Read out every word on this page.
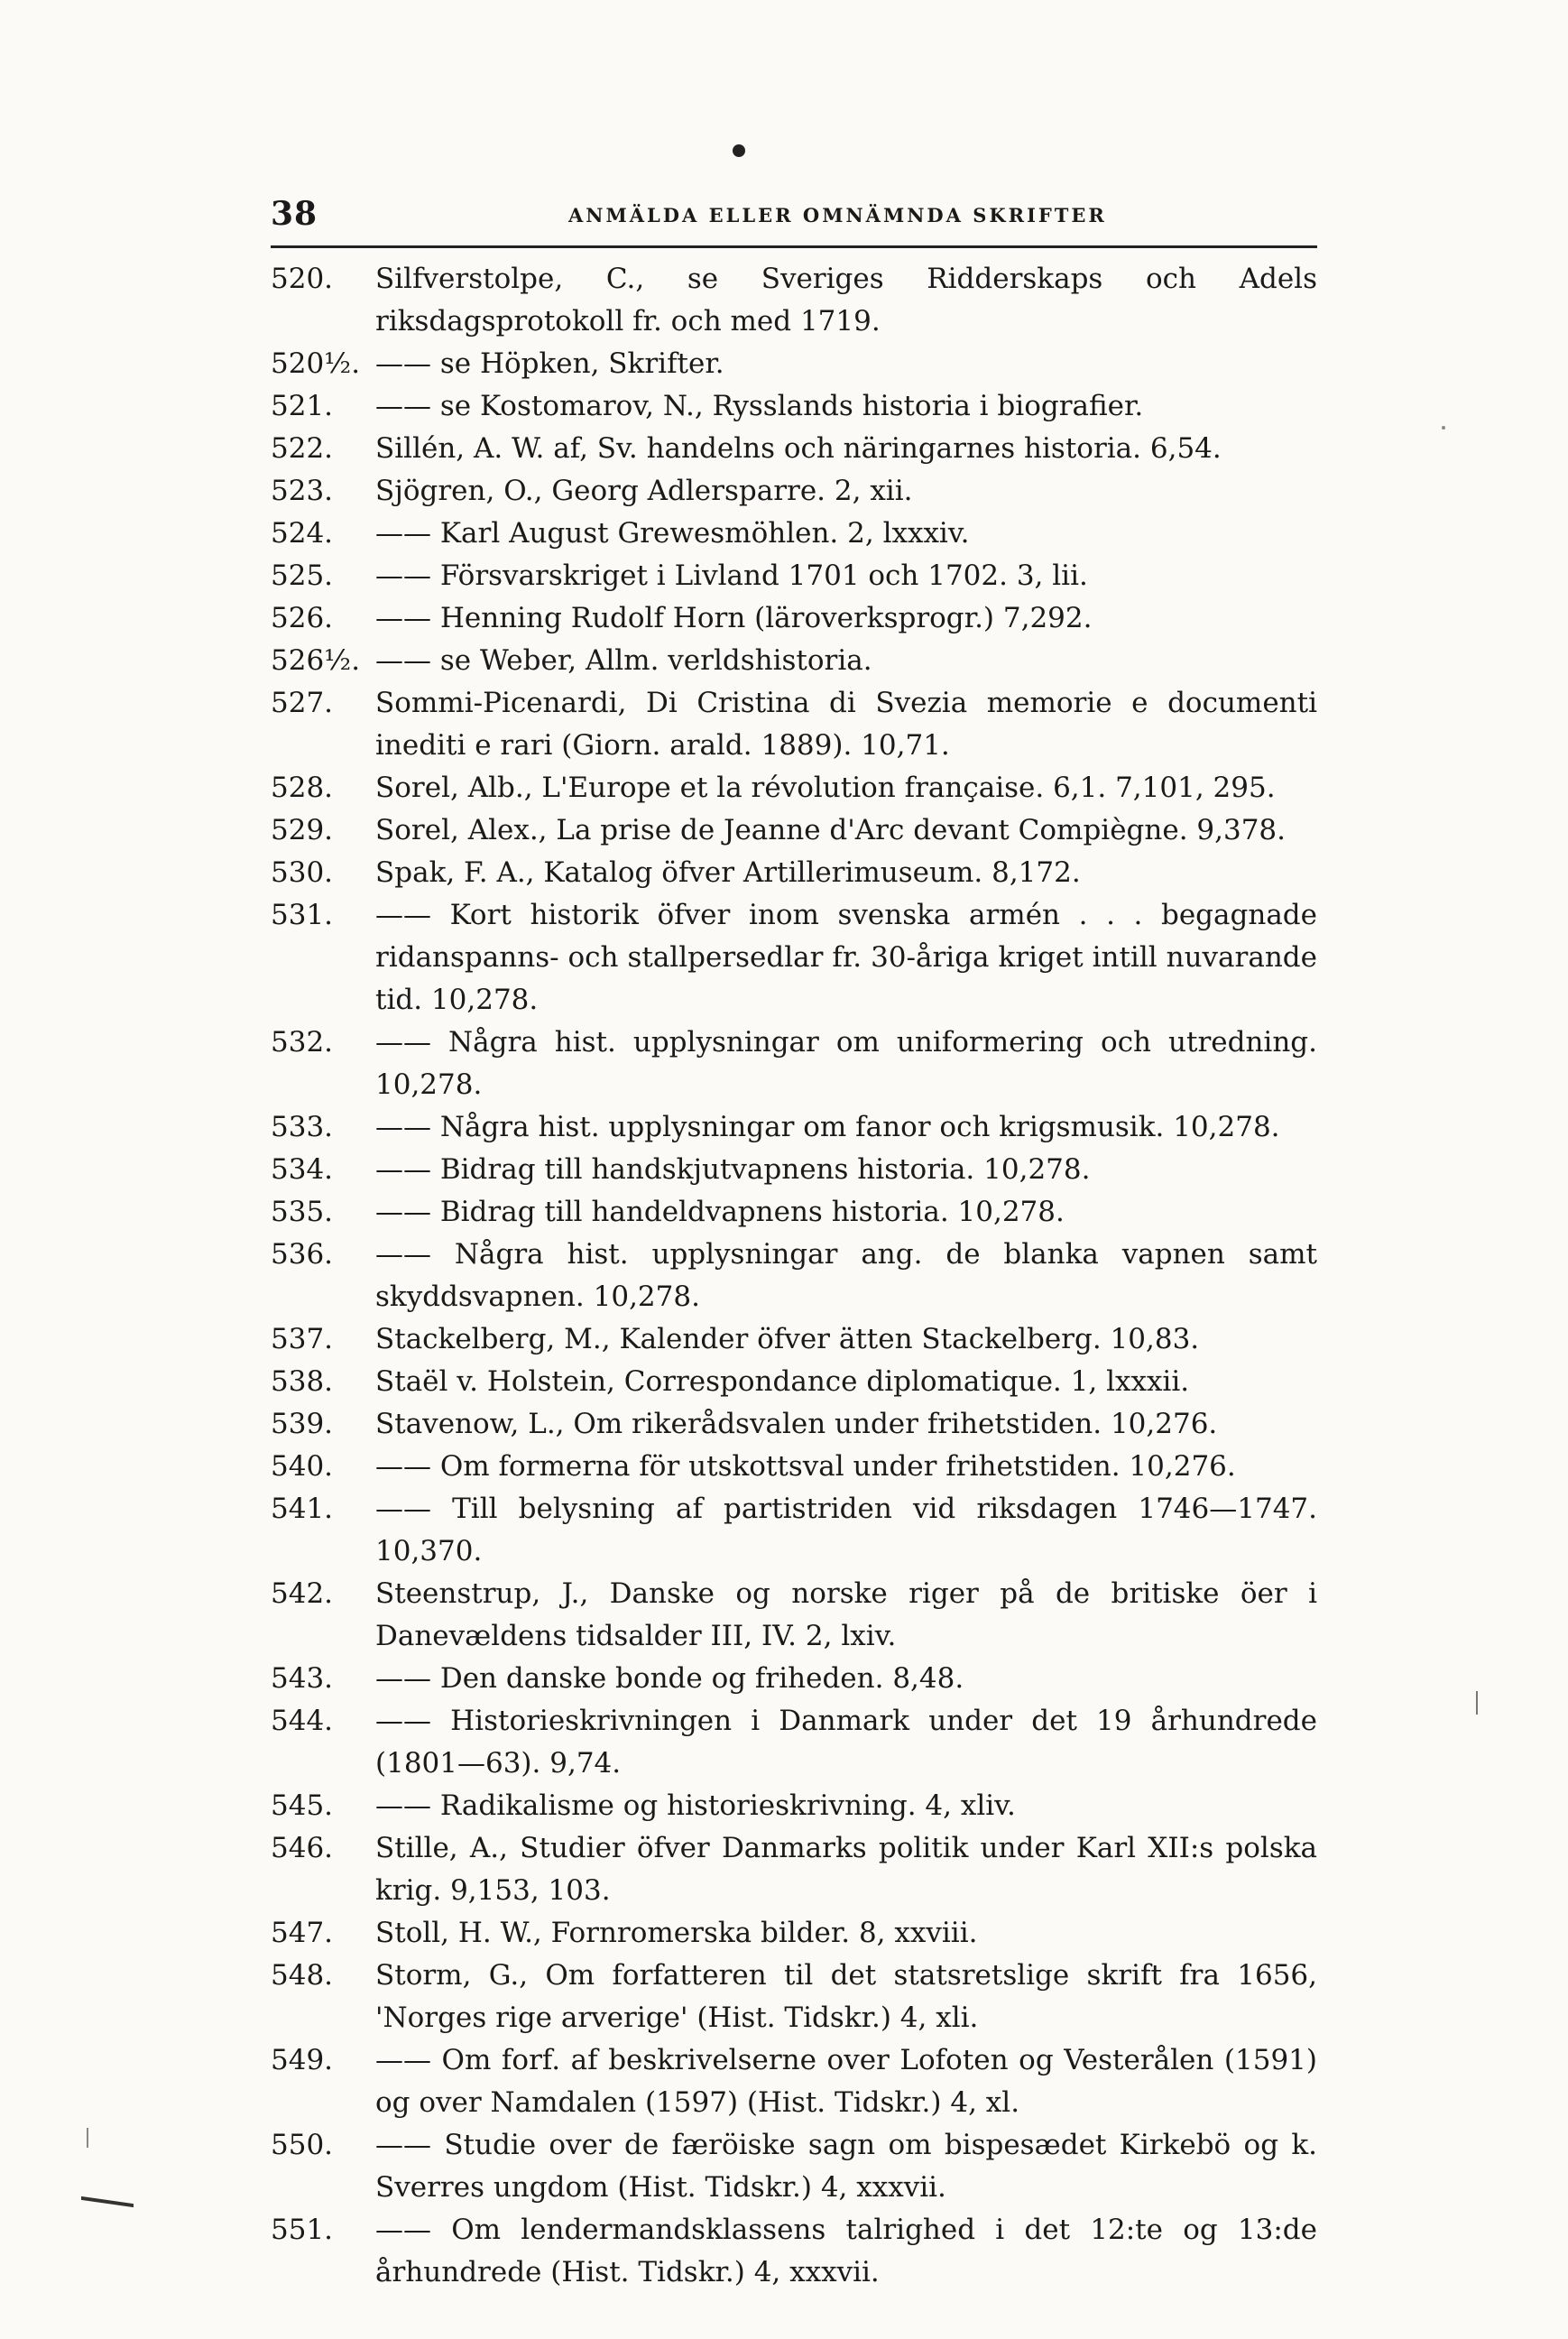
38	ANMÄLDA ELLER OMNÄMNDA SKRIFTER
520.	Silfverstolpe, C., se Sveriges Ridderskaps och Adels riksdagsprotokoll fr. och med 1719.
520½. —— se Höpken, Skrifter.
521.	—— se Kostomarov, N., Rysslands historia i biografier.
522.	Sillén, A. W. af, Sv. handelns och näringarnes historia. 6,54.
523.	Sjögren, O., Georg Adlersparre. 2, xii.
524.	—— Karl August Grewesmöhlen. 2, lxxxiv.
525.	—— Försvarskriget i Livland 1701 och 1702. 3, lii.
526.	—— Henning Rudolf Horn (läroverksprogr.) 7,292.
526½. —— se Weber, Allm. verldshistoria.
527.	Sommi-Picenardi, Di Cristina di Svezia memorie e documenti inediti e rari (Giorn. arald. 1889). 10,71.
528.	Sorel, Alb., L'Europe et la révolution française. 6,1. 7,101, 295.
529.	Sorel, Alex., La prise de Jeanne d'Arc devant Compiègne. 9,378.
530.	Spak, F. A., Katalog öfver Artillerimuseum. 8,172.
531.	—— Kort historik öfver inom svenska armén . . . begagnade ridanspanns- och stallpersedlar fr. 30-åriga kriget intill nuvarande tid. 10,278.
532.	—— Några hist. upplysningar om uniformering och utredning. 10,278.
533.	—— Några hist. upplysningar om fanor och krigsmusik. 10,278.
534.	—— Bidrag till handskjutvapnens historia. 10,278.
535.	—— Bidrag till handeldvapnens historia. 10,278.
536.	—— Några hist. upplysningar ang. de blanka vapnen samt skyddsvapnen. 10,278.
537.	Stackelberg, M., Kalender öfver ätten Stackelberg. 10,83.
538.	Staël v. Holstein, Correspondance diplomatique. 1, lxxxii.
539.	Stavenow, L., Om rikerådsvalen under frihetstiden. 10,276.
540.	—— Om formerna för utskottsval under frihetstiden. 10,276.
541.	—— Till belysning af partistriden vid riksdagen 1746—1747. 10,370.
542.	Steenstrup, J., Danske og norske riger på de britiske öer i Danevældens tidsalder III, IV. 2, lxiv.
543.	—— Den danske bonde og friheden. 8,48.
544.	—— Historieskrivningen i Danmark under det 19 århundrede (1801—63). 9,74.
545.	—— Radikalisme og historieskrivning. 4, xliv.
546.	Stille, A., Studier öfver Danmarks politik under Karl XII:s polska krig. 9,153, 103.
547.	Stoll, H. W., Fornromerska bilder. 8, xxviii.
548.	Storm, G., Om forfatteren til det statsretslige skrift fra 1656, 'Norges rige arverige' (Hist. Tidskr.) 4, xli.
549.	—— Om forf. af beskrivelserne over Lofoten og Vesterålen (1591) og over Namdalen (1597) (Hist. Tidskr.) 4, xl.
550.	—— Studie over de færöiske sagn om bispesædet Kirkebö og k. Sverres ungdom (Hist. Tidskr.) 4, xxxvii.
551.	—— Om lendermandsklassens talrighed i det 12:te og 13:de århundrede (Hist. Tidskr.) 4, xxxvii.
